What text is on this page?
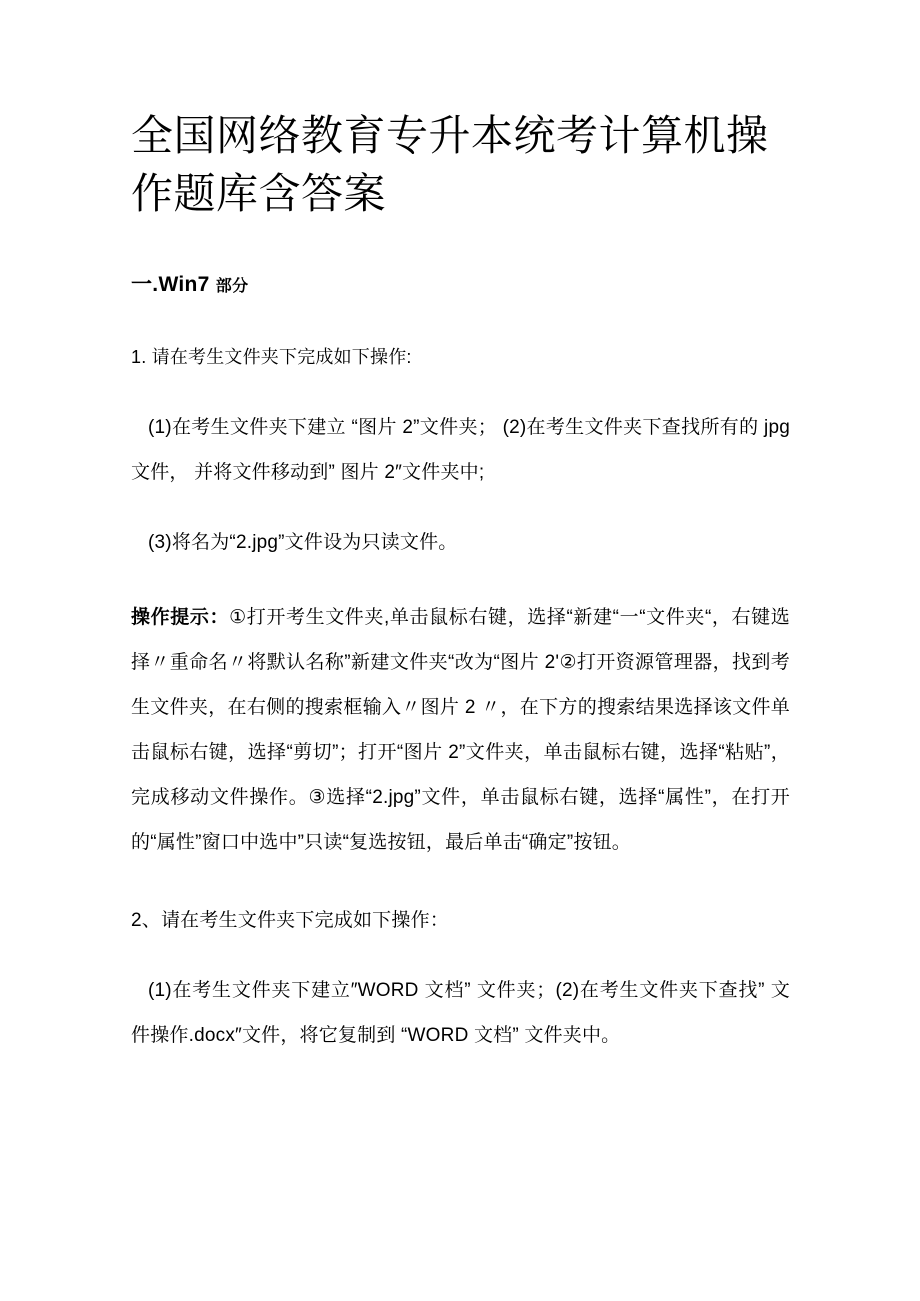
全国网络教育专升本统考计算机操作题库含答案
一.Win7 部分

1. 请在考生文件夹下完成如下操作:

(1)在考生文件夹下建立 “图片 2”文件夹； (2)在考生文件夹下查找所有的 jpg 文件， 并将文件移动到” 图片 2″文件夹中;

(3)将名为“2.jpg”文件设为只读文件。

操作提示：①打开考生文件夹,单击鼠标右键，选择“新建“一“文件夹“，右键选择〃重命名〃将默认名称”新建文件夹“改为“图片 2'②打开资源管理器，找到考生文件夹，在右侧的搜索框输入〃图片 2 〃，在下方的搜索结果选择该文件单击鼠标右键，选择“剪切”；打开“图片 2”文件夹，单击鼠标右键，选择“粘贴”，完成移动文件操作。③选择“2.jpg”文件，单击鼠标右键，选择“属性”，在打开的“属性”窗口中选中”只读“复选按钮，最后单击“确定”按钮。

2、请在考生文件夹下完成如下操作：

(1)在考生文件夹下建立″WORD 文档” 文件夹；(2)在考生文件夹下查找” 文件操作.docx″文件，将它复制到 “WORD 文档” 文件夹中。
